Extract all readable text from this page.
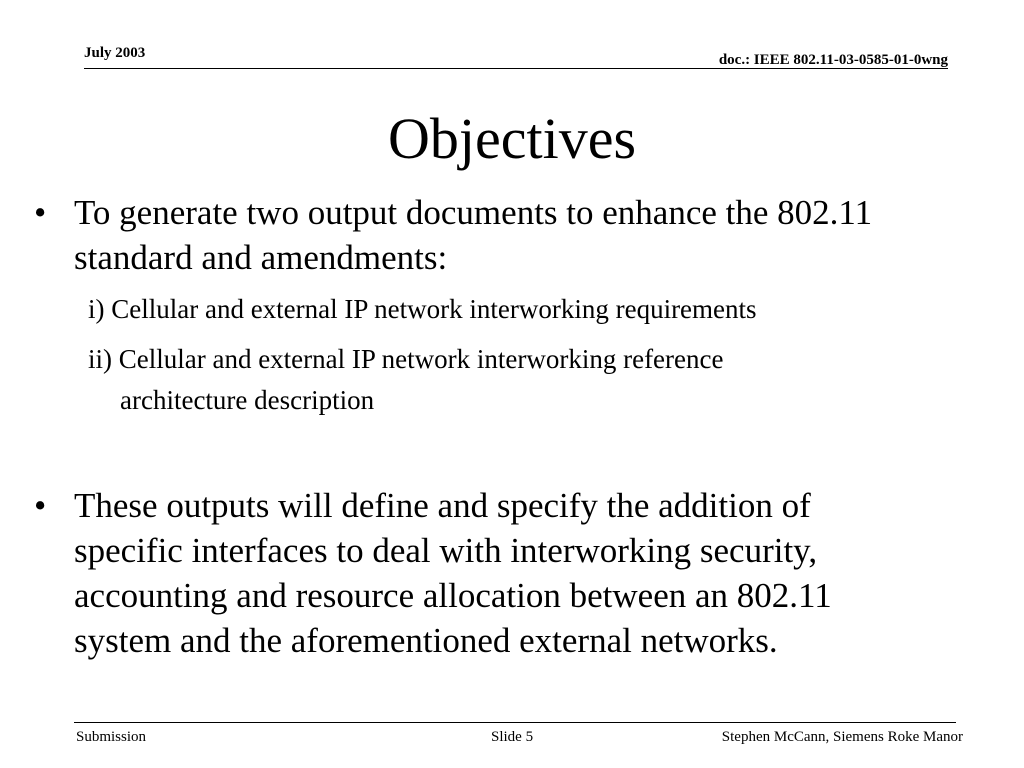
July 2003	doc.: IEEE 802.11-03-0585-01-0wng
Objectives
• To generate two output documents to enhance the 802.11
standard and amendments:
i) Cellular and external IP network interworking requirements
ii) Cellular and external IP network interworking reference
architecture description
• These outputs will define and specify the addition of
specific interfaces to deal with interworking security,
accounting and resource allocation between an 802.11
system and the aforementioned external networks.
Submission	Slide 5	Stephen McCann, Siemens Roke Manor
